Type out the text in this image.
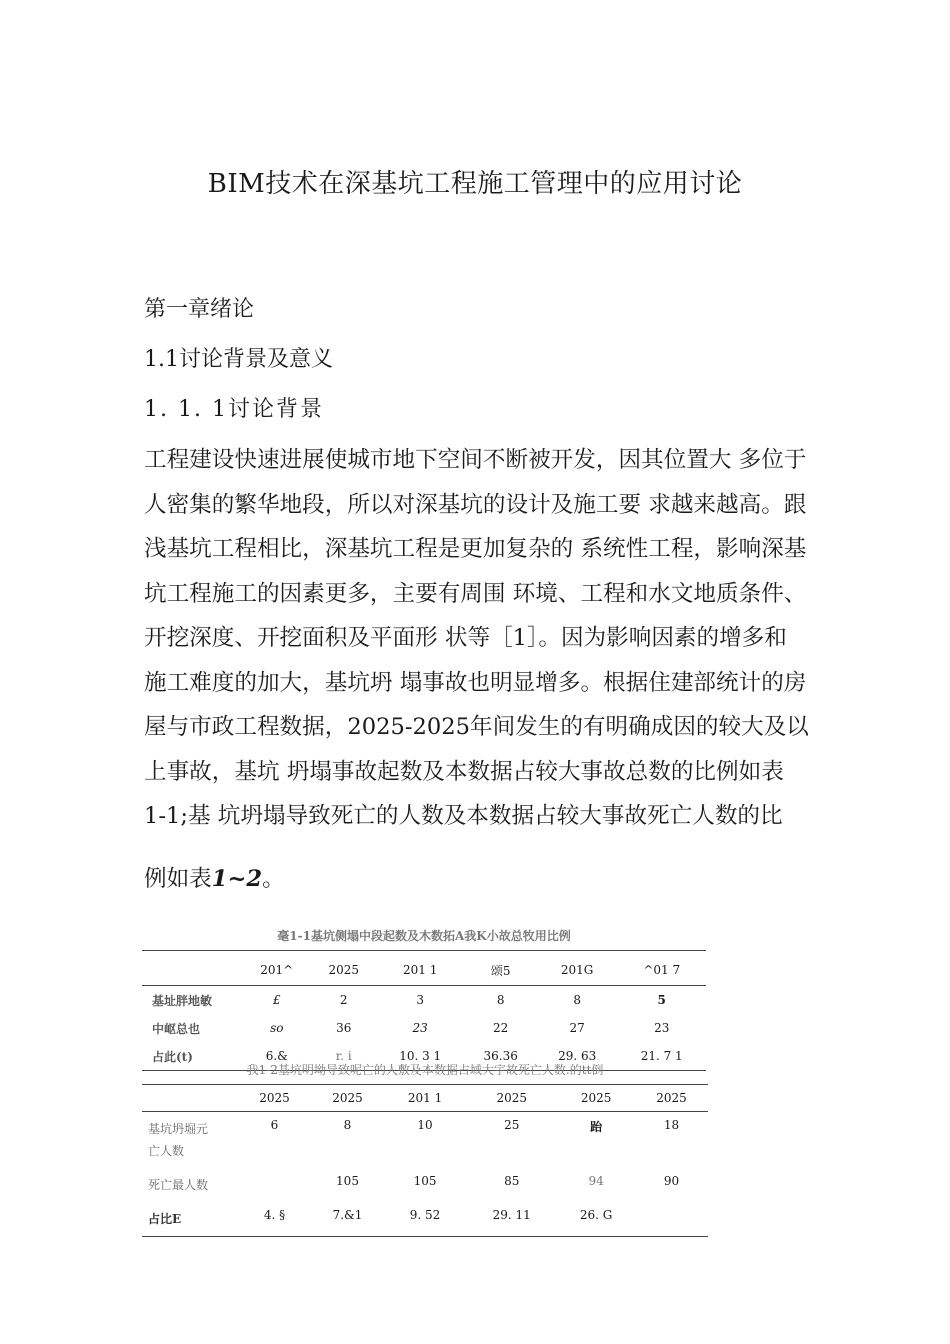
BIM技术在深基坑工程施工管理中的应用讨论
第一章绪论
1.1讨论背景及意义
1. 1. 1讨论背景

工程建设快速进展使城市地下空间不断被开发，因其位置大 多位于
人密集的繁华地段，所以对深基坑的设计及施工要 求越来越高。跟
浅基坑工程相比，深基坑工程是更加复杂的 系统性工程，影响深基
坑工程施工的因素更多，主要有周围 环境、工程和水文地质条件、
开挖深度、开挖面积及平面形 状等［1］。因为影响因素的增多和
施工难度的加大，基坑坍 塌事故也明显增多。根据住建部统计的房
屋与市政工程数据，2025-2025年间发生的有明确成因的较大及以
上事故，基坑 坍塌事故起数及本数据占较大事故总数的比例如表
1-1;基 坑坍塌导致死亡的人数及本数据占较大事故死亡人数的比
例如表1~2。

毫1-1基坑侧塌中段起数及木数拓A我K小故总牧用比例
	201^	2025	201 1	颂5	201G	^01 7
基址胖地敏	£	2	3	8	8	5
中岖总也	so	36	23	22	27	23
占此(t)	6.&	r. i	10. 3 1	36.36	29. 63	21. 7 1
我1-2基坑明坳导致呢亡的人敷及本数据占域大宇故死亡人数.的tt倒
	2025	2025	201 1	2025	2025	2025
基坑坍堀元
亡人数	6	8	10	25	跆	18
死亡最人数		105	105	85	94	90
占比E	4. §	7.&1	9. 52	29. 11	26. G	
